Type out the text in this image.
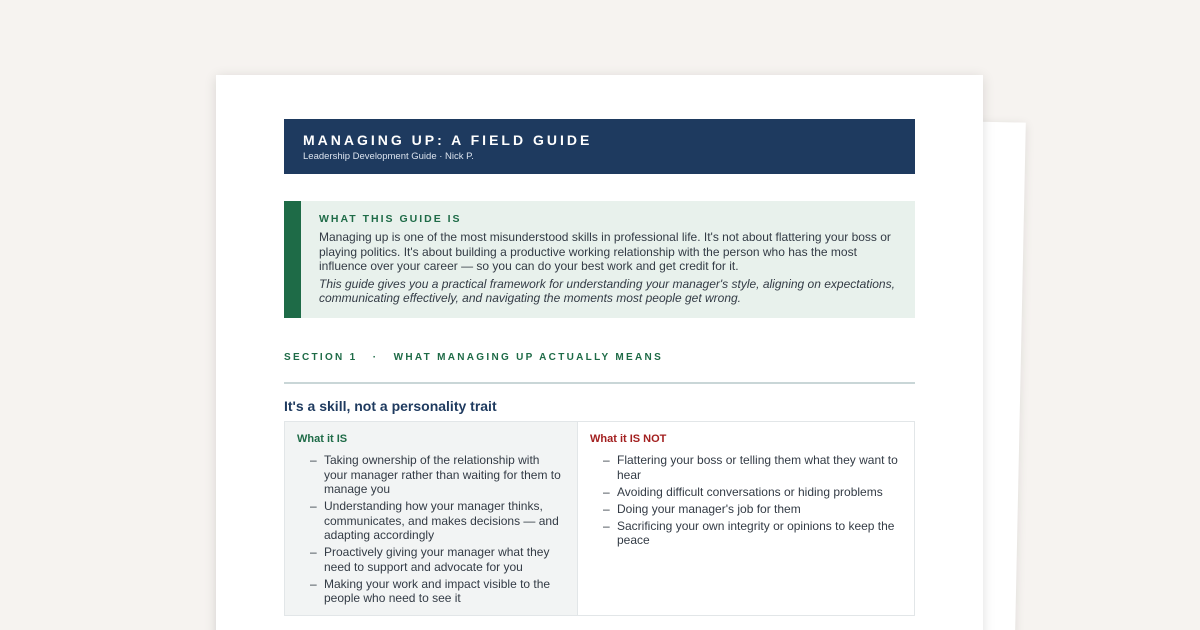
MANAGING UP: A FIELD GUIDE
Leadership Development Guide · Nick P.
WHAT THIS GUIDE IS

Managing up is one of the most misunderstood skills in professional life. It's not about flattering your boss or playing politics. It's about building a productive working relationship with the person who has the most influence over your career — so you can do your best work and get credit for it.

This guide gives you a practical framework for understanding your manager's style, aligning on expectations, communicating effectively, and navigating the moments most people get wrong.

SECTION 1   ·   WHAT MANAGING UP ACTUALLY MEANS
It's a skill, not a personality trait
What it IS
– Taking ownership of the relationship with your manager rather than waiting for them to manage you
– Understanding how your manager thinks, communicates, and makes decisions — and adapting accordingly
– Proactively giving your manager what they need to support and advocate for you
– Making your work and impact visible to the people who need to see it
What it IS NOT
– Flattering your boss or telling them what they want to hear
– Avoiding difficult conversations or hiding problems
– Doing your manager's job for them
– Sacrificing your own integrity or opinions to keep the peace
